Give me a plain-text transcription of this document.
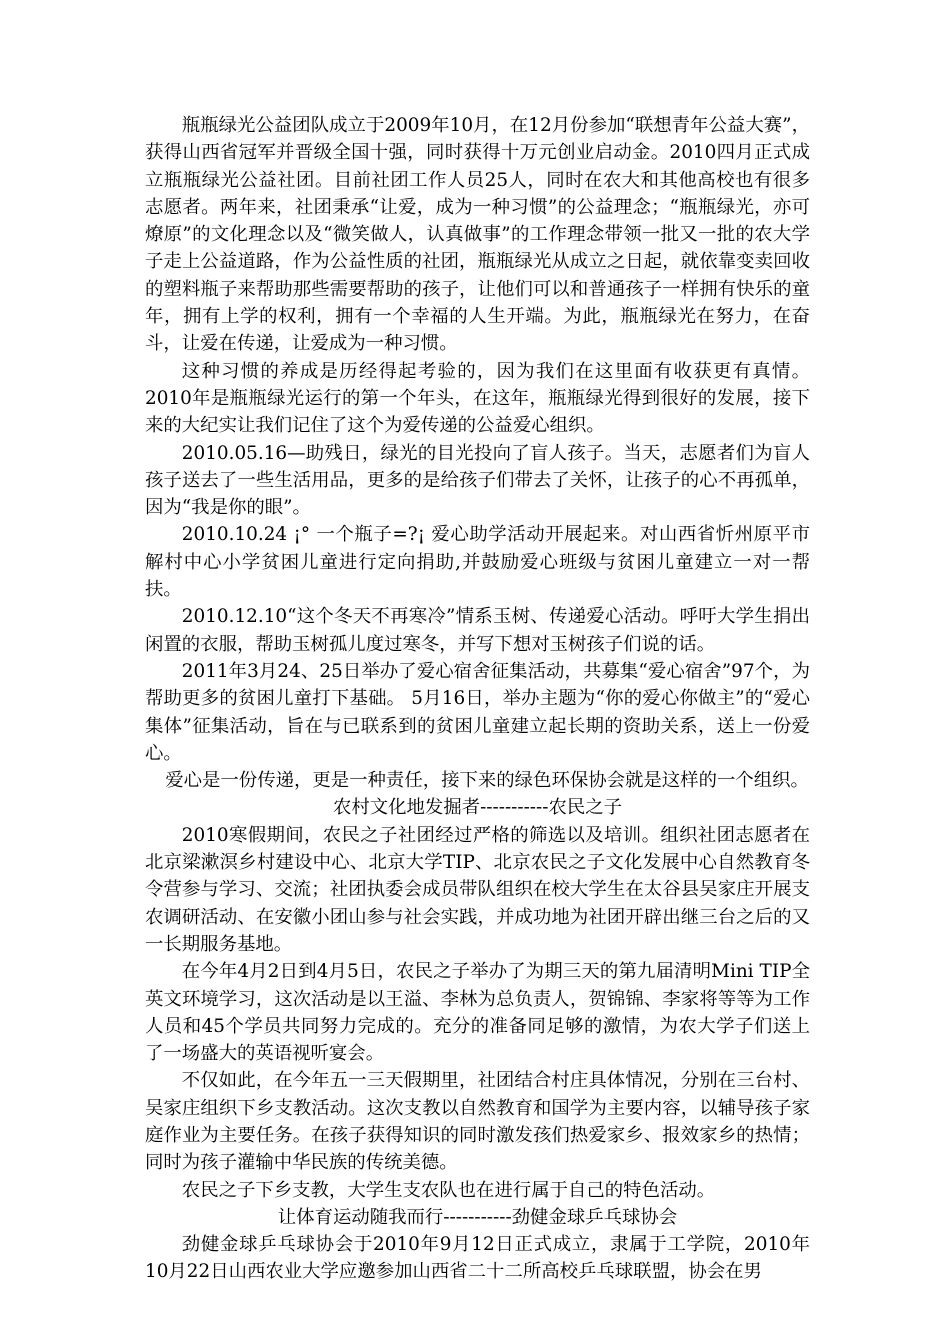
瓶瓶绿光公益团队成立于2009年10月，在12月份参加“联想青年公益大赛”，获得山西省冠军并晋级全国十强，同时获得十万元创业启动金。2010四月正式成立瓶瓶绿光公益社团。目前社团工作人员25人，同时在农大和其他高校也有很多志愿者。两年来，社团秉承“让爱，成为一种习惯”的公益理念；“瓶瓶绿光，亦可燎原”的文化理念以及“微笑做人，认真做事”的工作理念带领一批又一批的农大学子走上公益道路，作为公益性质的社团，瓶瓶绿光从成立之日起，就依靠变卖回收的塑料瓶子来帮助那些需要帮助的孩子，让他们可以和普通孩子一样拥有快乐的童年，拥有上学的权利，拥有一个幸福的人生开端。为此，瓶瓶绿光在努力，在奋斗，让爱在传递，让爱成为一种习惯。

这种习惯的养成是历经得起考验的，因为我们在这里面有收获更有真情。2010年是瓶瓶绿光运行的第一个年头，在这年，瓶瓶绿光得到很好的发展，接下来的大纪实让我们记住了这个为爱传递的公益爱心组织。

2010.05.16—助残日，绿光的目光投向了盲人孩子。当天，志愿者们为盲人孩子送去了一些生活用品，更多的是给孩子们带去了关怀，让孩子的心不再孤单，因为“我是你的眼”。

2010.10.24 ¡° 一个瓶子=?¡ 爱心助学活动开展起来。对山西省忻州原平市解村中心小学贫困儿童进行定向捐助,并鼓励爱心班级与贫困儿童建立一对一帮扶。

2010.12.10“这个冬天不再寒冷”情系玉树、传递爱心活动。呼吁大学生捐出闲置的衣服，帮助玉树孤儿度过寒冬，并写下想对玉树孩子们说的话。

2011年3月24、25日举办了爱心宿舍征集活动，共募集“爱心宿舍”97个，为帮助更多的贫困儿童打下基础。 5月16日，举办主题为“你的爱心你做主”的“爱心集体”征集活动，旨在与已联系到的贫困儿童建立起长期的资助关系，送上一份爱心。

爱心是一份传递，更是一种责任，接下来的绿色环保协会就是这样的一个组织。

农村文化地发掘者-----------农民之子

2010寒假期间，农民之子社团经过严格的筛选以及培训。组织社团志愿者在北京梁漱溟乡村建设中心、北京大学TIP、北京农民之子文化发展中心自然教育冬令营参与学习、交流；社团执委会成员带队组织在校大学生在太谷县吴家庄开展支农调研活动、在安徽小团山参与社会实践，并成功地为社团开辟出继三台之后的又一长期服务基地。

在今年4月2日到4月5日，农民之子举办了为期三天的第九届清明Mini TIP全英文环境学习，这次活动是以王溢、李林为总负责人，贺锦锦、李家将等等为工作人员和45个学员共同努力完成的。充分的准备同足够的激情，为农大学子们送上了一场盛大的英语视听宴会。

不仅如此，在今年五一三天假期里，社团结合村庄具体情况，分别在三台村、吴家庄组织下乡支教活动。这次支教以自然教育和国学为主要内容，以辅导孩子家庭作业为主要任务。在孩子获得知识的同时激发孩们热爱家乡、报效家乡的热情；同时为孩子灌输中华民族的传统美德。

农民之子下乡支教，大学生支农队也在进行属于自己的特色活动。

让体育运动随我而行-----------劲健金球乒乓球协会

劲健金球乒乓球协会于2010年9月12日正式成立，隶属于工学院，2010年10月22日山西农业大学应邀参加山西省二十二所高校乒乓球联盟，协会在男
